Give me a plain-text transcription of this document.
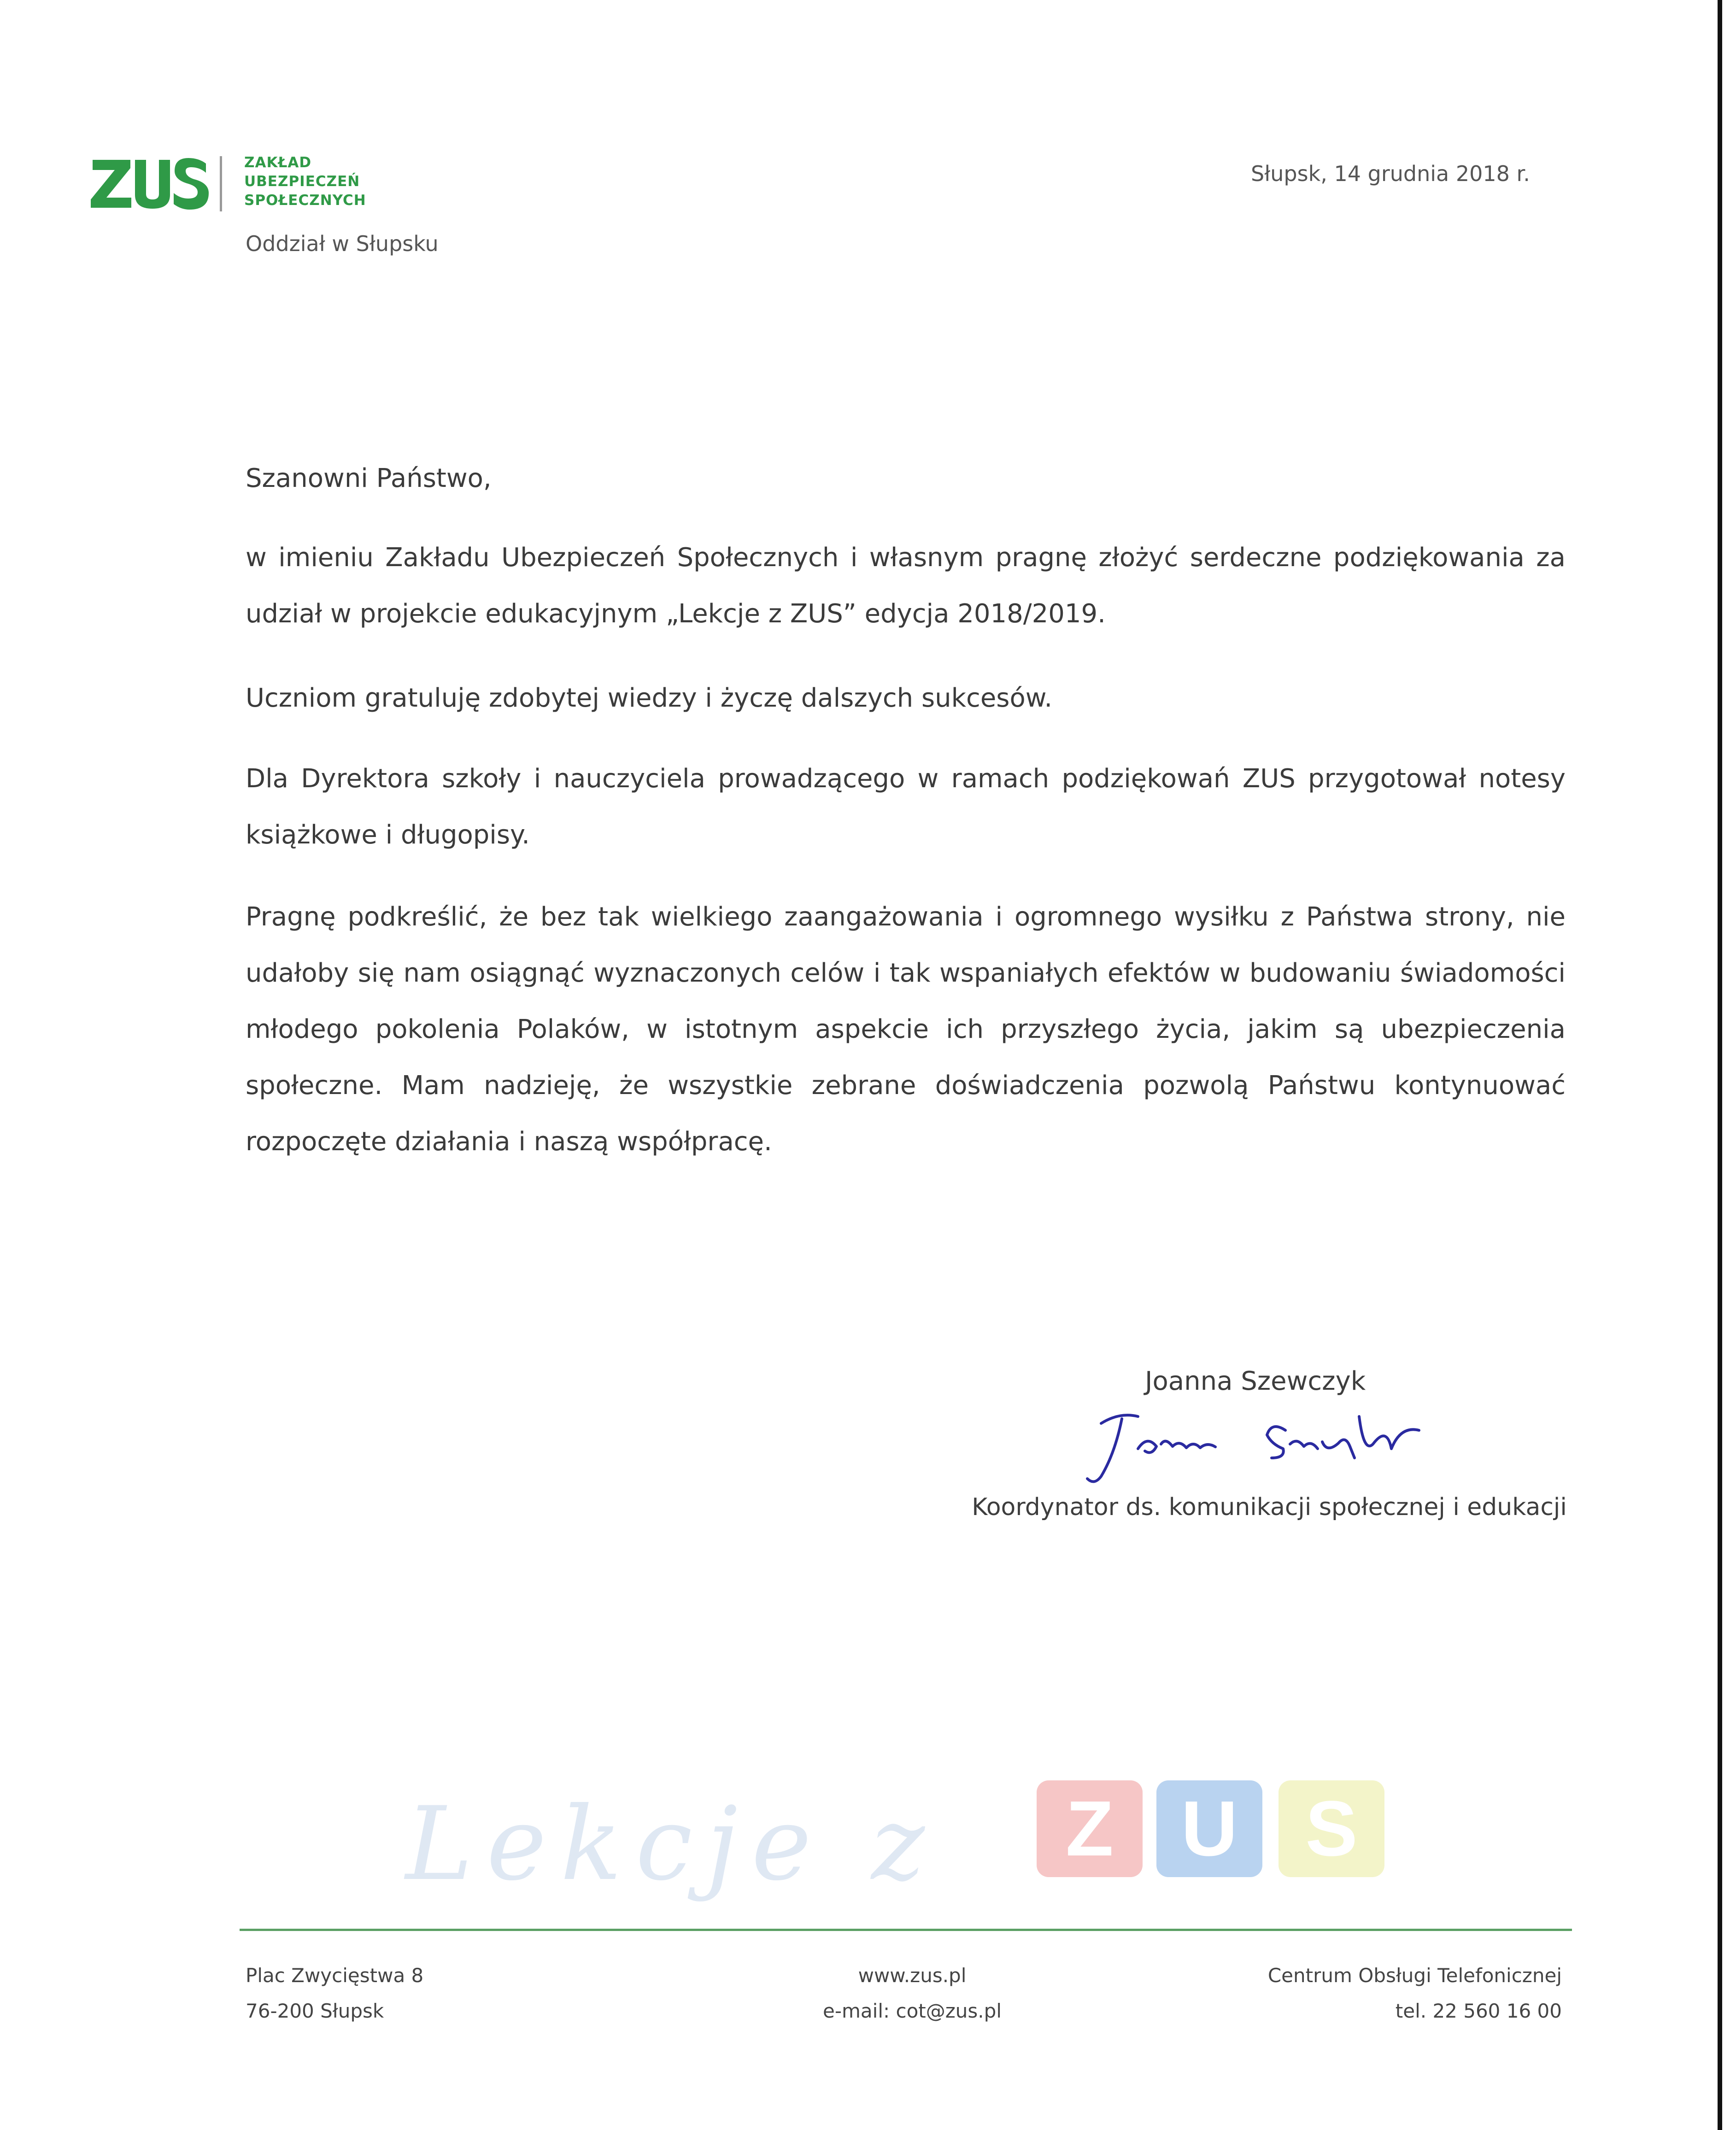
ZAKŁAD
UBEZPIECZEŃ
SPOŁECZNYCH
Oddział w Słupsku
Słupsk, 14 grudnia 2018 r.

Szanowni Państwo,

w imieniu Zakładu Ubezpieczeń Społecznych i własnym pragnę złożyć serdeczne podziękowania za udział w projekcie edukacyjnym „Lekcje z ZUS” edycja 2018/2019.

Uczniom gratuluję zdobytej wiedzy i życzę dalszych sukcesów.

Dla Dyrektora szkoły i nauczyciela prowadzącego w ramach podziękowań ZUS przygotował notesy książkowe i długopisy.

Pragnę podkreślić, że bez tak wielkiego zaangażowania i ogromnego wysiłku z Państwa strony, nie udałoby się nam osiągnąć wyznaczonych celów i tak wspaniałych efektów w budowaniu świadomości młodego pokolenia Polaków, w istotnym aspekcie ich przyszłego życia, jakim są ubezpieczenia społeczne. Mam nadzieję, że wszystkie zebrane doświadczenia pozwolą Państwu kontynuować rozpoczęte działania i naszą współpracę.

Joanna Szewczyk
Koordynator ds. komunikacji społecznej i edukacji
Lekcje z	Z U S
Plac Zwycięstwa 8
76-200 Słupsk
www.zus.pl
e-mail: cot@zus.pl
Centrum Obsługi Telefonicznej
tel. 22 560 16 00
